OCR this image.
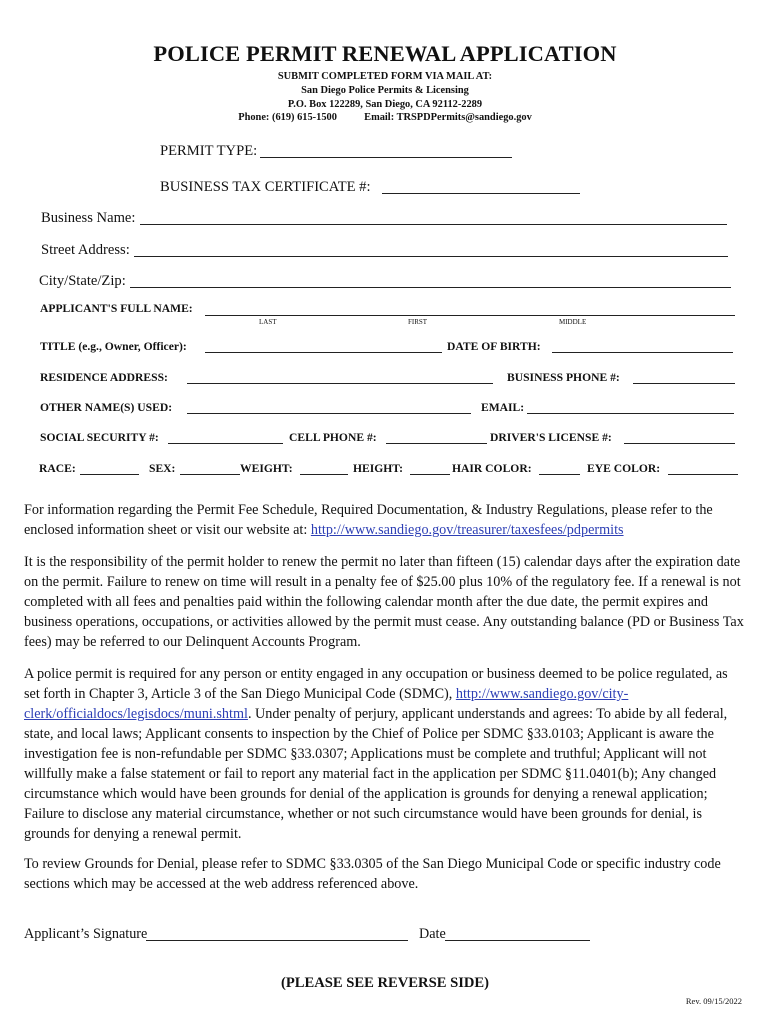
POLICE PERMIT RENEWAL APPLICATION
SUBMIT COMPLETED FORM VIA MAIL AT:
San Diego Police Permits & Licensing
P.O. Box 122289, San Diego, CA 92112-2289
Phone: (619) 615-1500	Email: TRSPDPermits@sandiego.gov
PERMIT TYPE:
BUSINESS TAX CERTIFICATE #:
Business Name:
Street Address:
City/State/Zip:
APPLICANT'S FULL NAME:
LAST	FIRST	MIDDLE
TITLE (e.g., Owner, Officer):	DATE OF BIRTH:
RESIDENCE ADDRESS:	BUSINESS PHONE #:
OTHER NAME(S) USED:	EMAIL:
SOCIAL SECURITY #:	CELL PHONE #:	DRIVER'S LICENSE #:
RACE:	SEX:	WEIGHT:	HEIGHT:	HAIR COLOR:	EYE COLOR:
For information regarding the Permit Fee Schedule, Required Documentation, & Industry Regulations, please refer to the enclosed information sheet or visit our website at: http://www.sandiego.gov/treasurer/taxesfees/pdpermits
It is the responsibility of the permit holder to renew the permit no later than fifteen (15) calendar days after the expiration date on the permit. Failure to renew on time will result in a penalty fee of $25.00 plus 10% of the regulatory fee. If a renewal is not completed with all fees and penalties paid within the following calendar month after the due date, the permit expires and business operations, occupations, or activities allowed by the permit must cease. Any outstanding balance (PD or Business Tax fees) may be referred to our Delinquent Accounts Program.
A police permit is required for any person or entity engaged in any occupation or business deemed to be police regulated, as set forth in Chapter 3, Article 3 of the San Diego Municipal Code (SDMC), http://www.sandiego.gov/city-clerk/officialdocs/legisdocs/muni.shtml. Under penalty of perjury, applicant understands and agrees: To abide by all federal, state, and local laws; Applicant consents to inspection by the Chief of Police per SDMC §33.0103; Applicant is aware the investigation fee is non-refundable per SDMC §33.0307; Applications must be complete and truthful; Applicant will not willfully make a false statement or fail to report any material fact in the application per SDMC §11.0401(b); Any changed circumstance which would have been grounds for denial of the application is grounds for denying a renewal application; Failure to disclose any material circumstance, whether or not such circumstance would have been grounds for denial, is grounds for denying a renewal permit.
To review Grounds for Denial, please refer to SDMC §33.0305 of the San Diego Municipal Code or specific industry code sections which may be accessed at the web address referenced above.
Applicant’s Signature	Date
(PLEASE SEE REVERSE SIDE)
Rev. 09/15/2022
